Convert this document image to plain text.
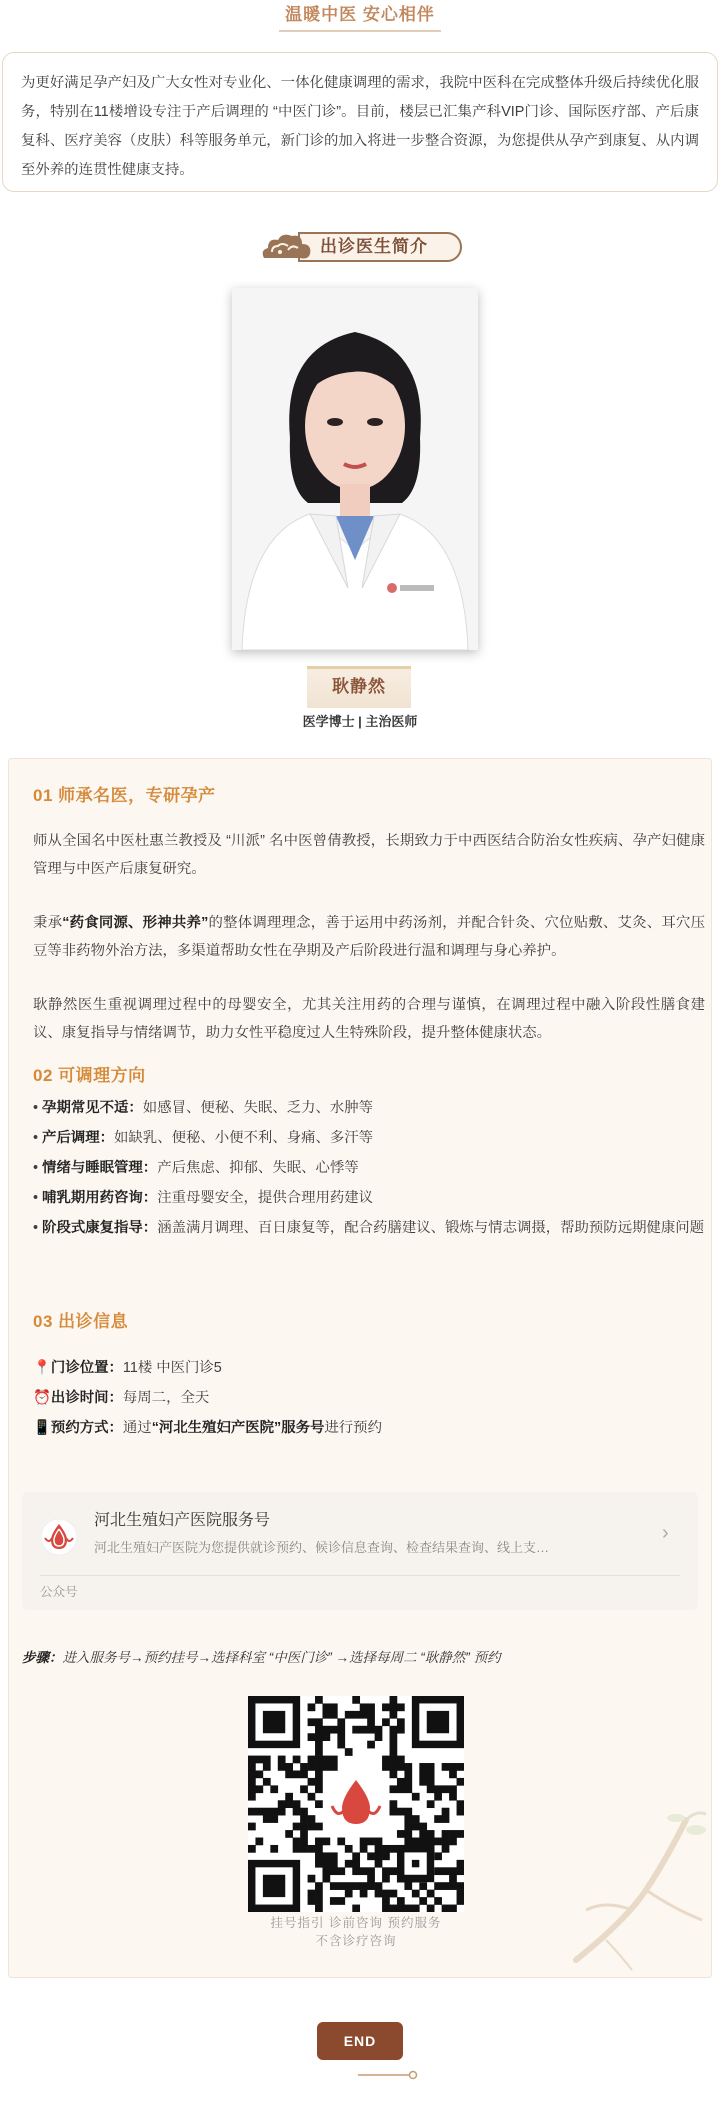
温暖中医 安心相伴

为更好满足孕产妇及广大女性对专业化、一体化健康调理的需求，我院中医科在完成整体升级后持续优化服务，特别在11楼增设专注于产后调理的 “中医门诊”。目前，楼层已汇集产科VIP门诊、国际医疗部、产后康复科、医疗美容（皮肤）科等服务单元，新门诊的加入将进一步整合资源，为您提供从孕产到康复、从内调至外养的连贯性健康支持。

出诊医生简介
耿静然
医学博士 | 主治医师
01 师承名医，专研孕产

师从全国名中医杜惠兰教授及 “川派” 名中医曾倩教授，长期致力于中西医结合防治女性疾病、孕产妇健康管理与中医产后康复研究。

秉承“药食同源、形神共养”的整体调理理念，善于运用中药汤剂，并配合针灸、穴位贴敷、艾灸、耳穴压豆等非药物外治方法，多渠道帮助女性在孕期及产后阶段进行温和调理与身心养护。

耿静然医生重视调理过程中的母婴安全，尤其关注用药的合理与谨慎，在调理过程中融入阶段性膳食建议、康复指导与情绪调节，助力女性平稳度过人生特殊阶段，提升整体健康状态。

02 可调理方向
• 孕期常见不适：如感冒、便秘、失眠、乏力、水肿等
• 产后调理：如缺乳、便秘、小便不利、身痛、多汗等
• 情绪与睡眠管理：产后焦虑、抑郁、失眠、心悸等
• 哺乳期用药咨询：注重母婴安全，提供合理用药建议
• 阶段式康复指导：涵盖满月调理、百日康复等，配合药膳建议、锻炼与情志调摄，帮助预防远期健康问题
03 出诊信息
📍门诊位置：11楼 中医门诊5
⏰出诊时间：每周二，全天
📱预约方式：通过“河北生殖妇产医院”服务号进行预约
河北生殖妇产医院服务号
河北生殖妇产医院为您提供就诊预约、候诊信息查询、检查结果查询、线上支…
›
公众号
步骤：进入服务号→预约挂号→选择科室 “中医门诊” →选择每周二 “耿静然” 预约
挂号指引 诊前咨询 预约服务
不含诊疗咨询
END
